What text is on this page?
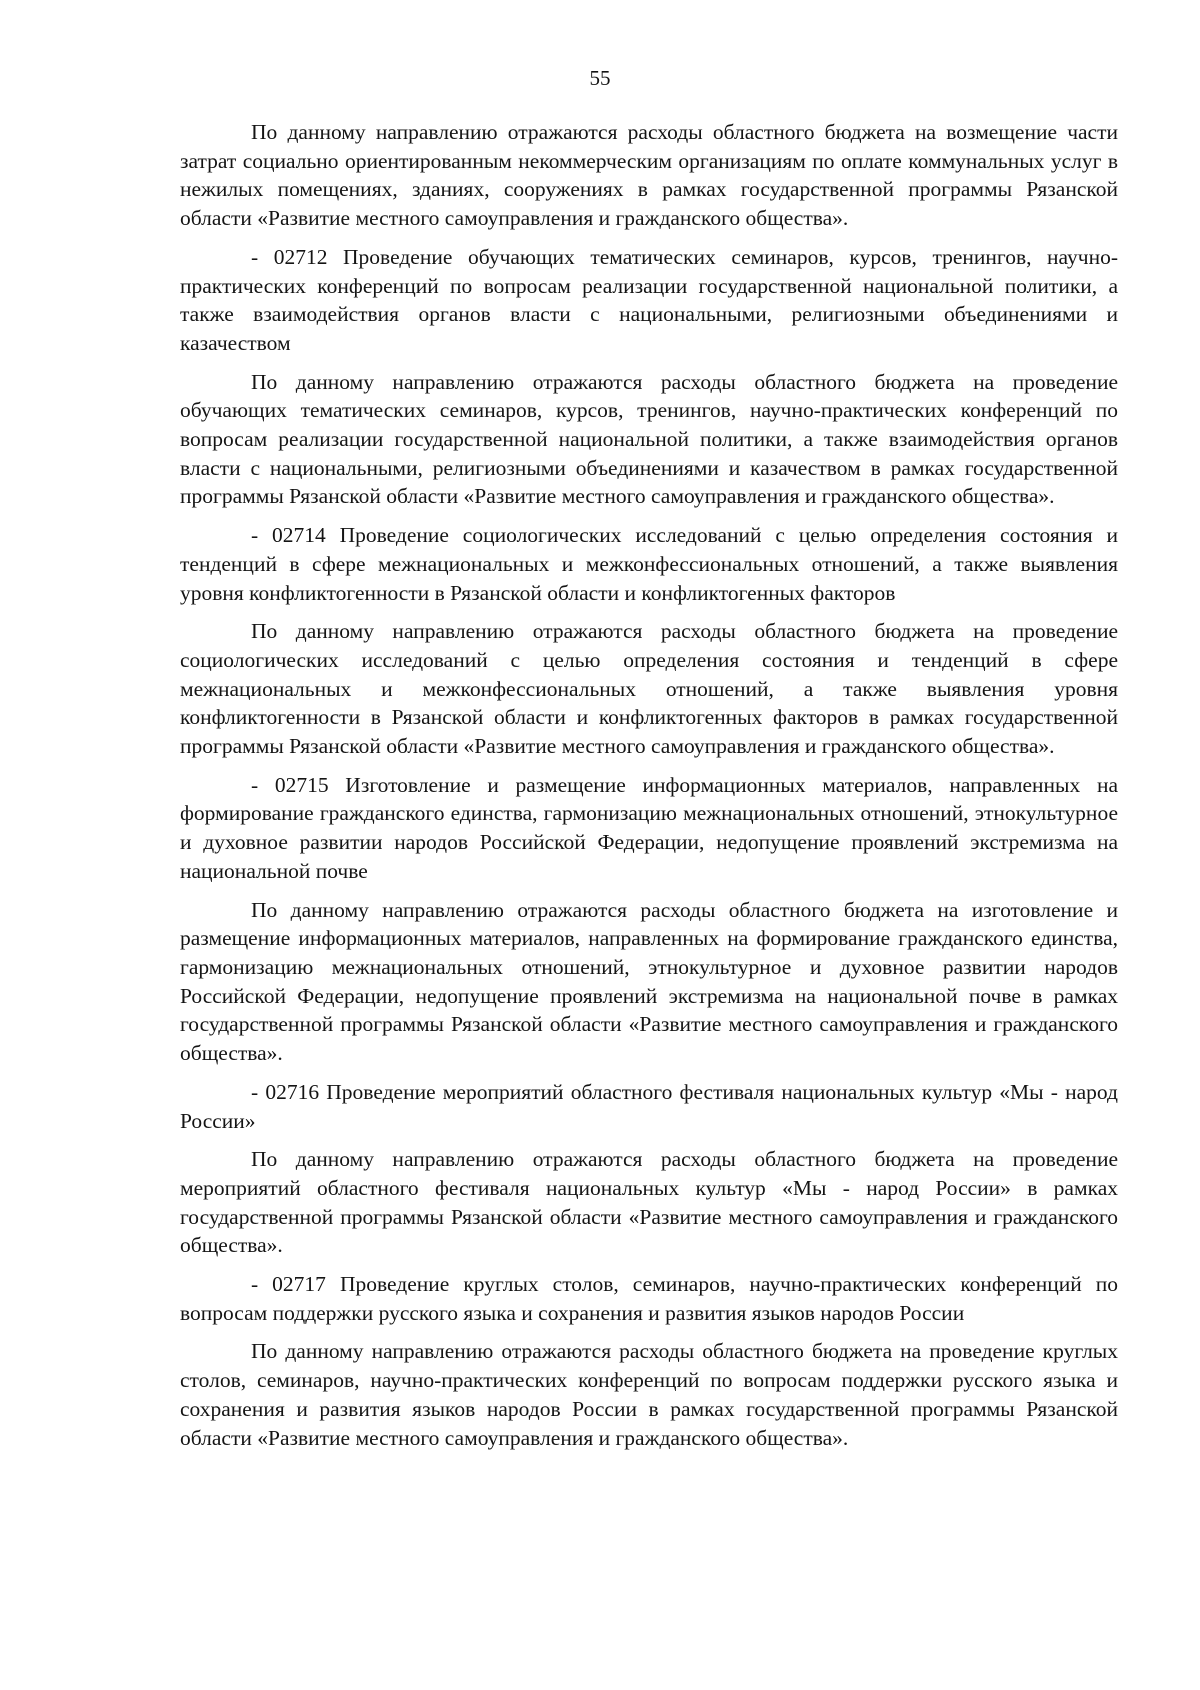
55

По данному направлению отражаются расходы областного бюджета на возмещение части затрат социально ориентированным некоммерческим организациям по оплате коммунальных услуг в нежилых помещениях, зданиях, сооружениях в рамках государственной программы Рязанской области «Развитие местного самоуправления и гражданского общества».

- 02712 Проведение обучающих тематических семинаров, курсов, тренингов, научно-практических конференций по вопросам реализации государственной национальной политики, а также взаимодействия органов власти с национальными, религиозными объединениями и казачеством

По данному направлению отражаются расходы областного бюджета на проведение обучающих тематических семинаров, курсов, тренингов, научно-практических конференций по вопросам реализации государственной национальной политики, а также взаимодействия органов власти с национальными, религиозными объединениями и казачеством в рамках государственной программы Рязанской области «Развитие местного самоуправления и гражданского общества».

- 02714 Проведение социологических исследований с целью определения состояния и тенденций в сфере межнациональных и межконфессиональных отношений, а также выявления уровня конфликтогенности в Рязанской области и конфликтогенных факторов

По данному направлению отражаются расходы областного бюджета на проведение социологических исследований с целью определения состояния и тенденций в сфере межнациональных и межконфессиональных отношений, а также выявления уровня конфликтогенности в Рязанской области и конфликтогенных факторов в рамках государственной программы Рязанской области «Развитие местного самоуправления и гражданского общества».

- 02715 Изготовление и размещение информационных материалов, направленных на формирование гражданского единства, гармонизацию межнациональных отношений, этнокультурное и духовное развитии народов Российской Федерации, недопущение проявлений экстремизма на национальной почве

По данному направлению отражаются расходы областного бюджета на изготовление и размещение информационных материалов, направленных на формирование гражданского единства, гармонизацию межнациональных отношений, этнокультурное и духовное развитии народов Российской Федерации, недопущение проявлений экстремизма на национальной почве в рамках государственной программы Рязанской области «Развитие местного самоуправления и гражданского общества».

- 02716 Проведение мероприятий областного фестиваля национальных культур «Мы - народ России»

По данному направлению отражаются расходы областного бюджета на проведение мероприятий областного фестиваля национальных культур «Мы - народ России» в рамках государственной программы Рязанской области «Развитие местного самоуправления и гражданского общества».

- 02717 Проведение круглых столов, семинаров, научно-практических конференций по вопросам поддержки русского языка и сохранения и развития языков народов России

По данному направлению отражаются расходы областного бюджета на проведение круглых столов, семинаров, научно-практических конференций по вопросам поддержки русского языка и сохранения и развития языков народов России в рамках государственной программы Рязанской области «Развитие местного самоуправления и гражданского общества».
